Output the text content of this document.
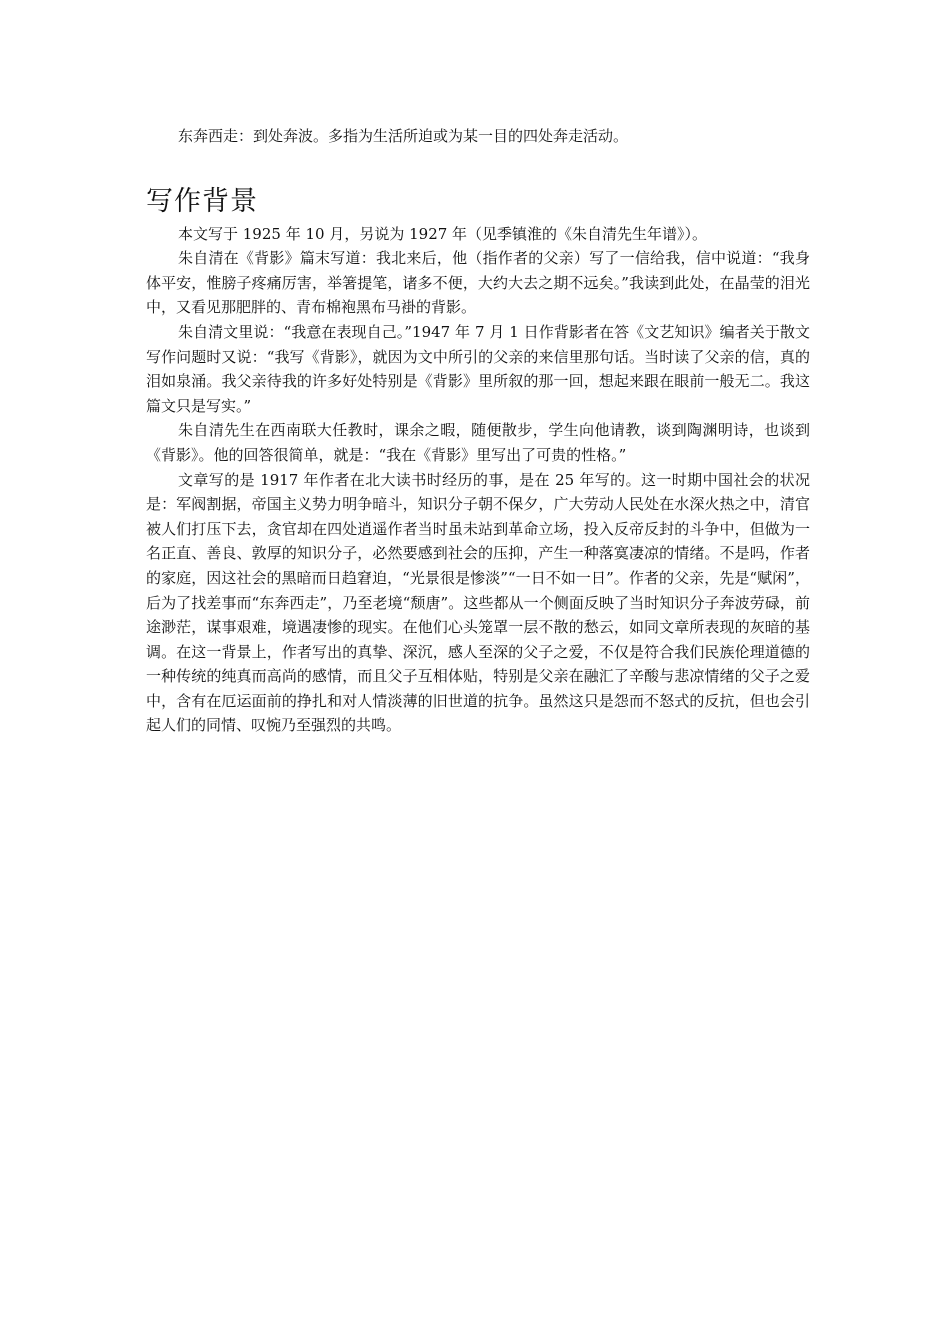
东奔西走：到处奔波。多指为生活所迫或为某一目的四处奔走活动。

写作背景

本文写于 1925 年 10 月，另说为 1927 年（见季镇淮的《朱自清先生年谱》）。

朱自清在《背影》篇末写道：我北来后，他（指作者的父亲）写了一信给我，信中说道：“我身体平安，惟膀子疼痛厉害，举箸提笔，诸多不便，大约大去之期不远矣。”我读到此处，在晶莹的泪光中，又看见那肥胖的、青布棉袍黑布马褂的背影。

朱自清文里说：“我意在表现自己。”1947 年 7 月 1 日作背影者在答《文艺知识》编者关于散文写作问题时又说：“我写《背影》，就因为文中所引的父亲的来信里那句话。当时读了父亲的信，真的泪如泉涌。我父亲待我的许多好处特别是《背影》里所叙的那一回，想起来跟在眼前一般无二。我这篇文只是写实。”

朱自清先生在西南联大任教时，课余之暇，随便散步，学生向他请教，谈到陶渊明诗，也谈到《背影》。他的回答很简单，就是：“我在《背影》里写出了可贵的性格。”

文章写的是 1917 年作者在北大读书时经历的事，是在 25 年写的。这一时期中国社会的状况是：军阀割据，帝国主义势力明争暗斗，知识分子朝不保夕，广大劳动人民处在水深火热之中，清官被人们打压下去，贪官却在四处逍遥作者当时虽未站到革命立场，投入反帝反封的斗争中，但做为一名正直、善良、敦厚的知识分子，必然要感到社会的压抑，产生一种落寞凄凉的情绪。不是吗，作者的家庭，因这社会的黑暗而日趋窘迫，“光景很是惨淡”“一日不如一日”。作者的父亲，先是“赋闲”，后为了找差事而“东奔西走”，乃至老境“颓唐”。这些都从一个侧面反映了当时知识分子奔波劳碌，前途渺茫，谋事艰难，境遇凄惨的现实。在他们心头笼罩一层不散的愁云，如同文章所表现的灰暗的基调。在这一背景上，作者写出的真挚、深沉，感人至深的父子之爱，不仅是符合我们民族伦理道德的一种传统的纯真而高尚的感情，而且父子互相体贴，特别是父亲在融汇了辛酸与悲凉情绪的父子之爱中，含有在厄运面前的挣扎和对人情淡薄的旧世道的抗争。虽然这只是怨而不怒式的反抗，但也会引起人们的同情、叹惋乃至强烈的共鸣。
